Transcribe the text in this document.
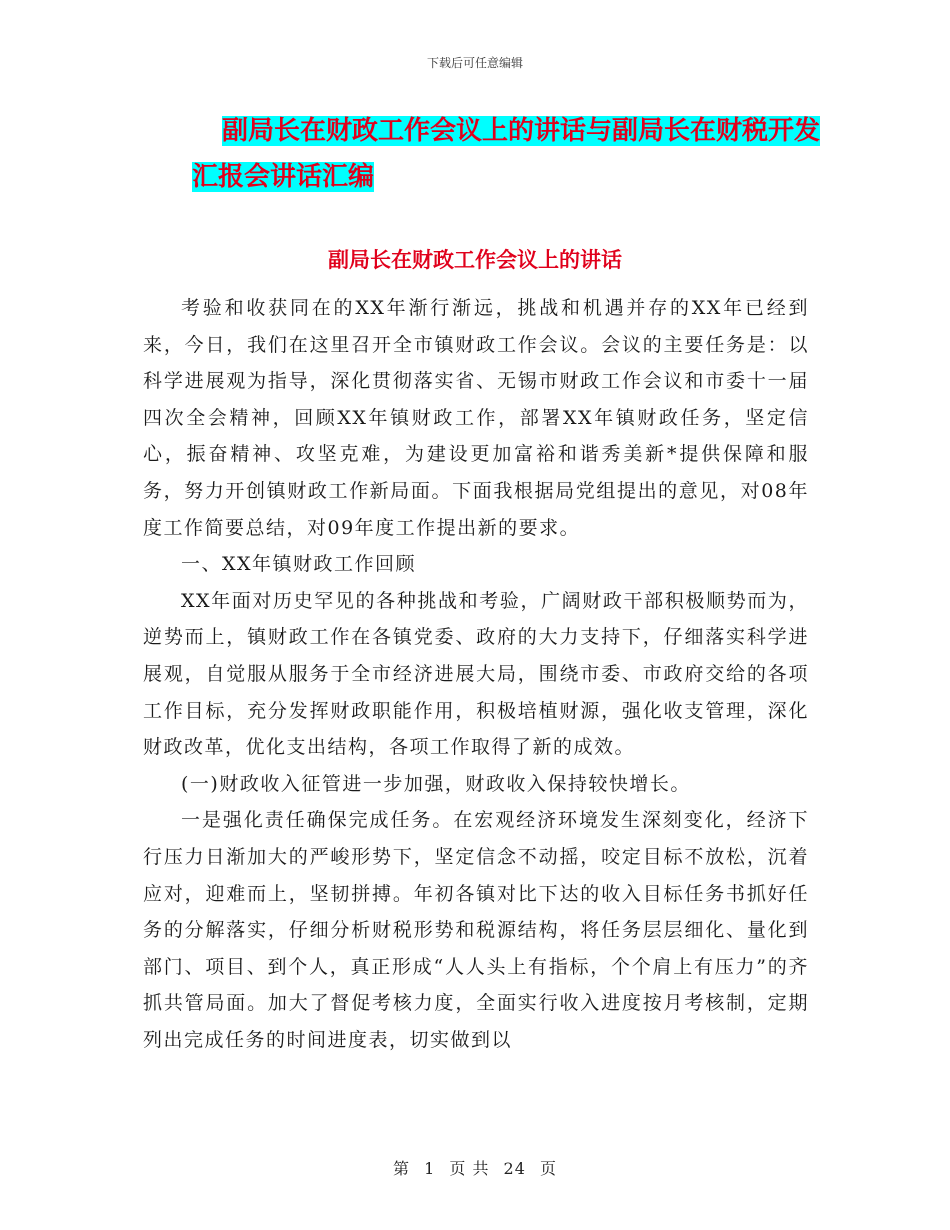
下载后可任意编辑
副局长在财政工作会议上的讲话与副局长在财税开发
汇报会讲话汇编
副局长在财政工作会议上的讲话

考验和收获同在的XX年渐行渐远，挑战和机遇并存的XX年已经到来，今日，我们在这里召开全市镇财政工作会议。会议的主要任务是：以科学进展观为指导，深化贯彻落实省、无锡市财政工作会议和市委十一届四次全会精神，回顾XX年镇财政工作，部署XX年镇财政任务，坚定信心，振奋精神、攻坚克难，为建设更加富裕和谐秀美新*提供保障和服务，努力开创镇财政工作新局面。下面我根据局党组提出的意见，对08年度工作简要总结，对09年度工作提出新的要求。

一、XX年镇财政工作回顾

XX年面对历史罕见的各种挑战和考验，广阔财政干部积极顺势而为，逆势而上，镇财政工作在各镇党委、政府的大力支持下，仔细落实科学进展观，自觉服从服务于全市经济进展大局，围绕市委、市政府交给的各项工作目标，充分发挥财政职能作用，积极培植财源，强化收支管理，深化财政改革，优化支出结构，各项工作取得了新的成效。

(一)财政收入征管进一步加强，财政收入保持较快增长。

一是强化责任确保完成任务。在宏观经济环境发生深刻变化，经济下行压力日渐加大的严峻形势下，坚定信念不动摇，咬定目标不放松，沉着应对，迎难而上，坚韧拼搏。年初各镇对比下达的收入目标任务书抓好任务的分解落实，仔细分析财税形势和税源结构，将任务层层细化、量化到部门、项目、到个人，真正形成“人人头上有指标，个个肩上有压力”的齐抓共管局面。加大了督促考核力度，全面实行收入进度按月考核制，定期列出完成任务的时间进度表，切实做到以

第 1 页 共 24 页
